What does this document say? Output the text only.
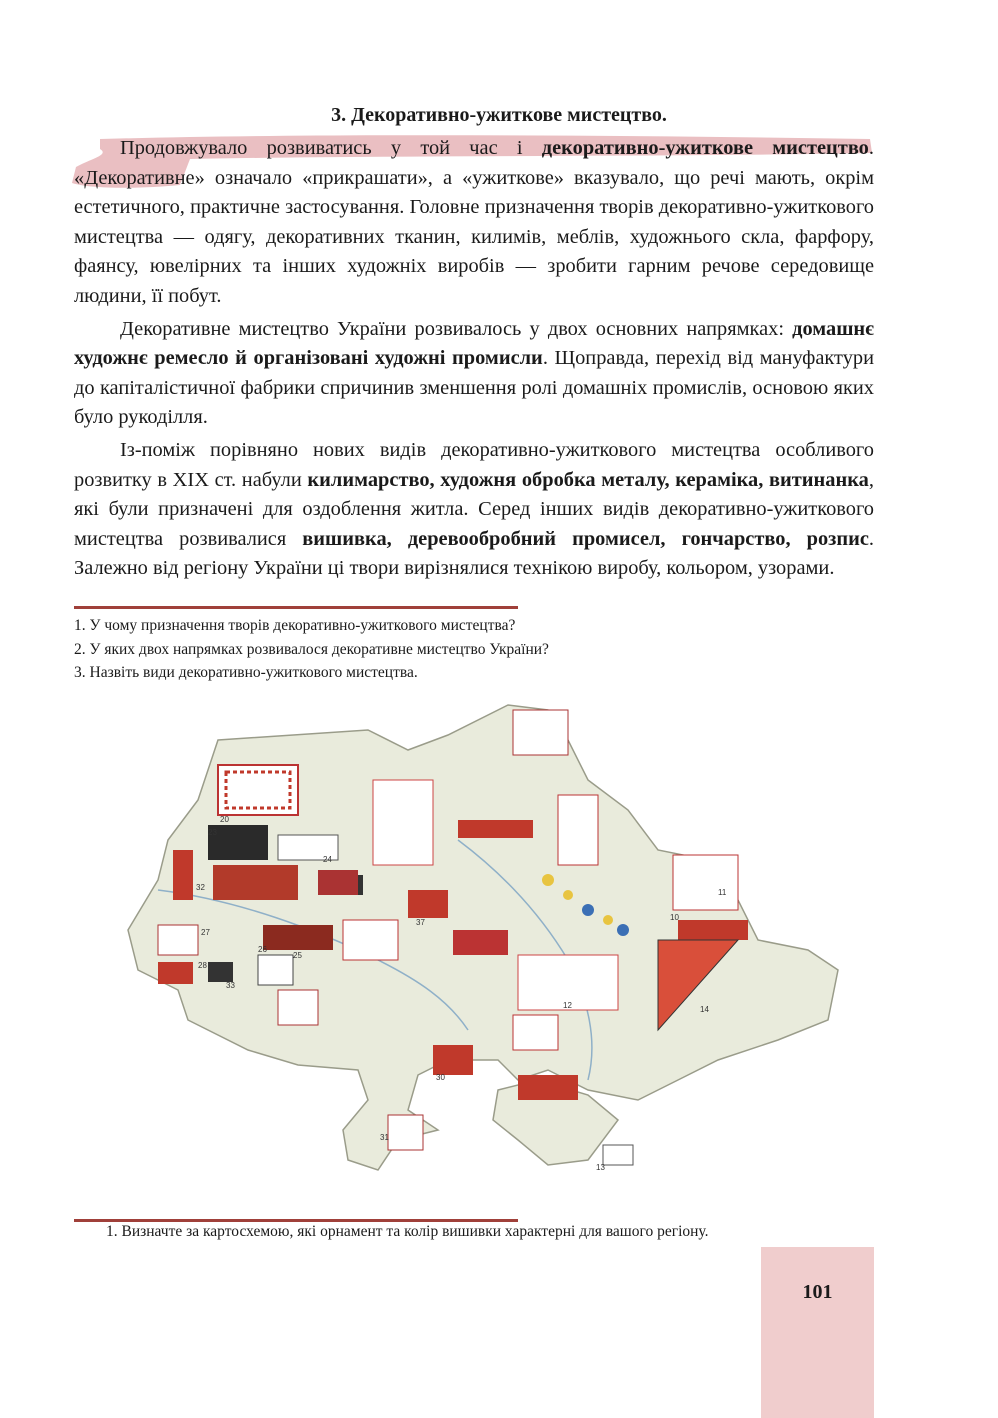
3. Декоративно-ужиткове мистецтво.

Продовжувало розвиватись у той час і декоративно-ужиткове мистецтво. «Декоративне» означало «прикрашати», а «ужиткове» вказувало, що речі мають, окрім естетичного, практичне застосування. Головне призначення творів декоративно-ужиткового мистецтва — одягу, декоративних тканин, килимів, меблів, художнього скла, фарфору, фаянсу, ювелірних та інших художніх виробів — зробити гарним речове середовище людини, її побут.

Декоративне мистецтво України розвивалось у двох основних напрямках: домашнє художнє ремесло й організовані художні промисли. Щоправда, перехід від мануфактури до капіталістичної фабрики спричинив зменшення ролі домашніх промислів, основою яких було рукоділля.

Із-поміж порівняно нових видів декоративно-ужиткового мистецтва особливого розвитку в ХІХ ст. набули килимарство, художня обробка металу, кераміка, витинанка, які були призначені для оздоблення житла. Серед інших видів декоративно-ужиткового мистецтва розвивалися вишивка, деревообробний промисел, гончарство, розпис. Залежно від регіону України ці твори вирізнялися технікою виробу, кольором, узорами.

1. У чому призначення творів декоративно-ужиткового мистецтва?
2. У яких двох напрямках розвивалося декоративне мистецтво України?
3. Назвіть види декоративно-ужиткового мистецтва.
20
23
32
27
28
33
26
25
30
31
10
11
12
13
14
24
37
1. Визначте за картосхемою, які орнамент та колір вишивки характерні для вашого регіону.
101
